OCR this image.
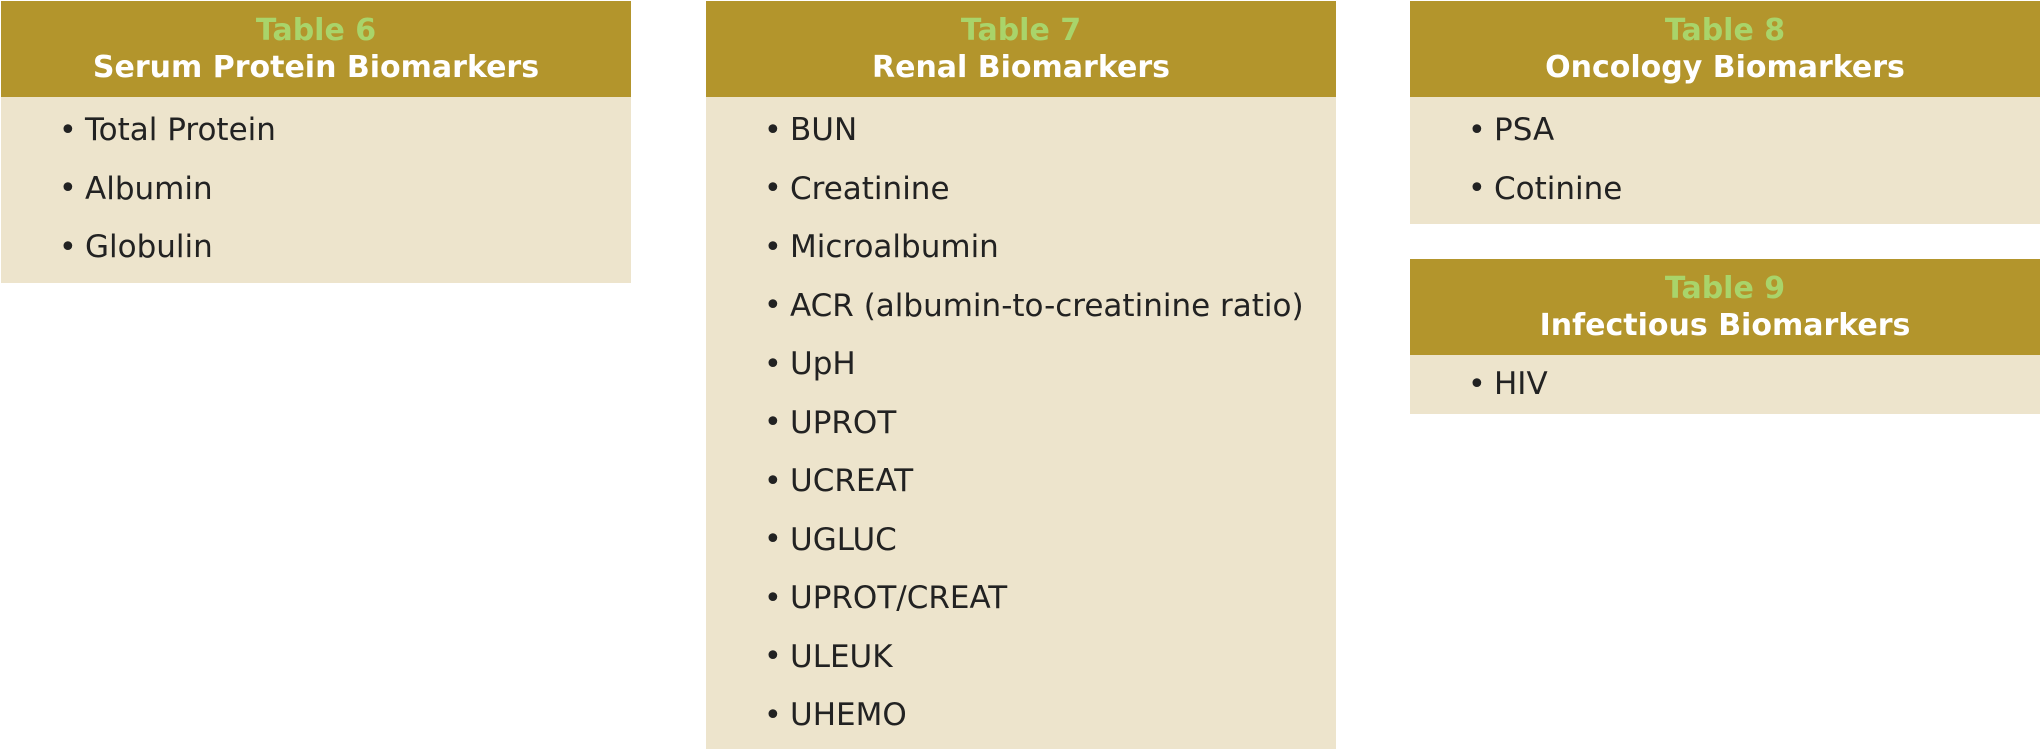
Table 6
Serum Protein Biomarkers
• Total Protein
• Albumin
• Globulin
Table 7
Renal Biomarkers
• BUN
• Creatinine
• Microalbumin
• ACR (albumin-to-creatinine ratio)
• UpH
• UPROT
• UCREAT
• UGLUC
• UPROT/CREAT
• ULEUK
• UHEMO
Table 8
Oncology Biomarkers
• PSA
• Cotinine
Table 9
Infectious Biomarkers
• HIV
